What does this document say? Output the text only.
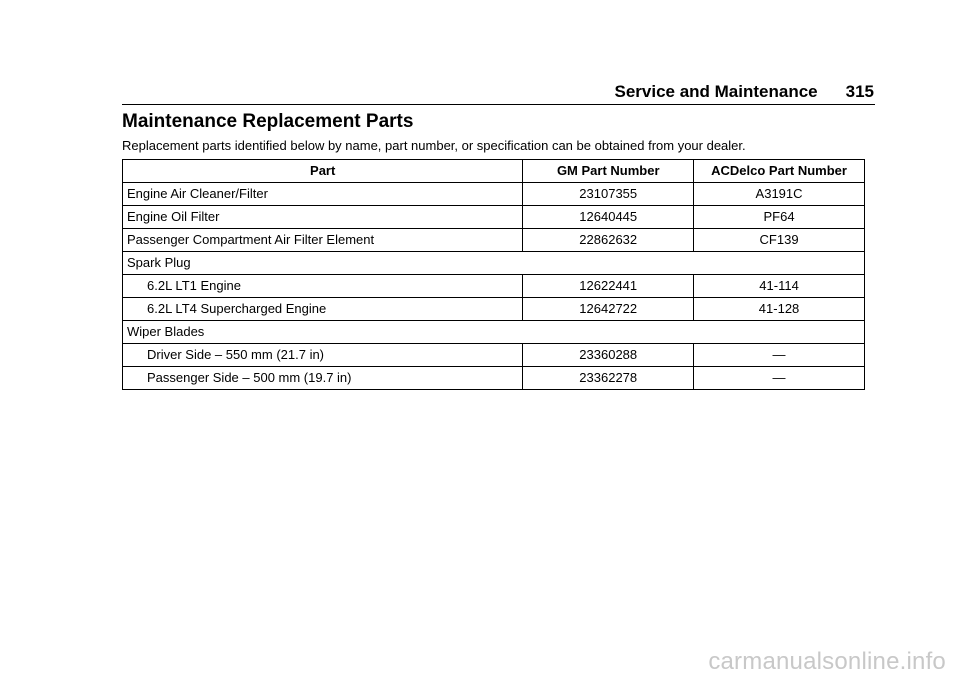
Service and Maintenance 315
Maintenance Replacement Parts

Replacement parts identified below by name, part number, or specification can be obtained from your dealer.

Part	GM Part Number	ACDelco Part Number
Engine Air Cleaner/Filter	23107355	A3191C
Engine Oil Filter	12640445	PF64
Passenger Compartment Air Filter Element	22862632	CF139
Spark Plug		
6.2L LT1 Engine	12622441	41-114
6.2L LT4 Supercharged Engine	12642722	41-128
Wiper Blades		
Driver Side – 550 mm (21.7 in)	23360288	—
Passenger Side – 500 mm (19.7 in)	23362278	—
carmanualsonline.info
